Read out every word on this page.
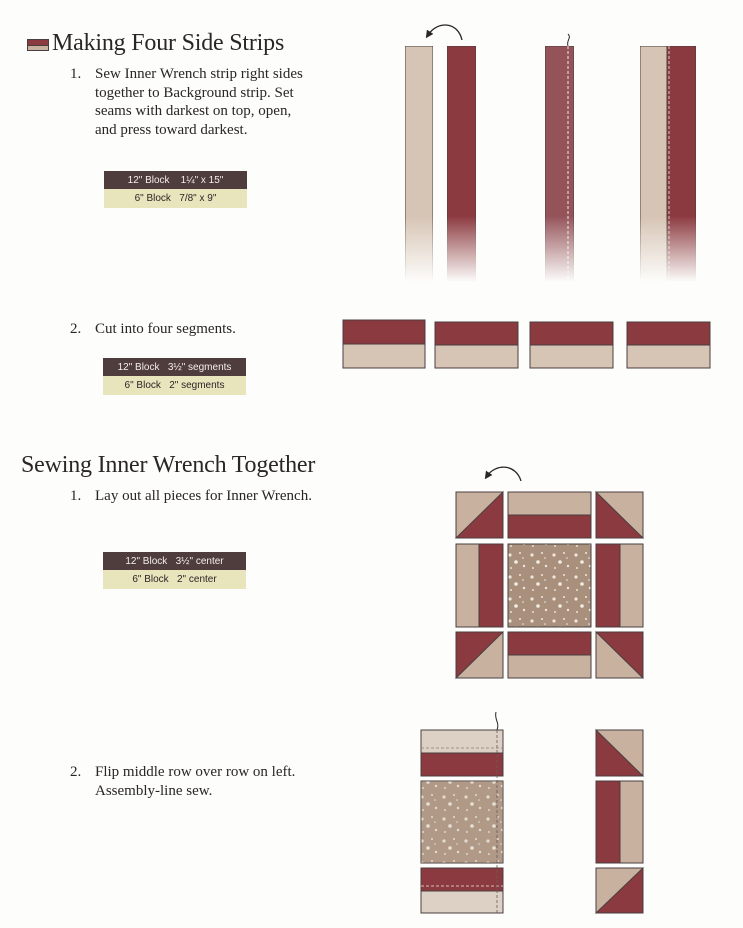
Making Four Side Strips
1. Sew Inner Wrench strip right sides
together to Background strip. Set
seams with darkest on top, open,
and press toward darkest.
12" Block
1¼" x 15"
6" Block
7/8" x 9"
2. Cut into four segments.
12" Block
3½" segments
6" Block
2" segments
Sewing Inner Wrench Together
1. Lay out all pieces for Inner Wrench.
12" Block
3½" center
6" Block
2" center
2. Flip middle row over row on left.
Assembly-line sew.
